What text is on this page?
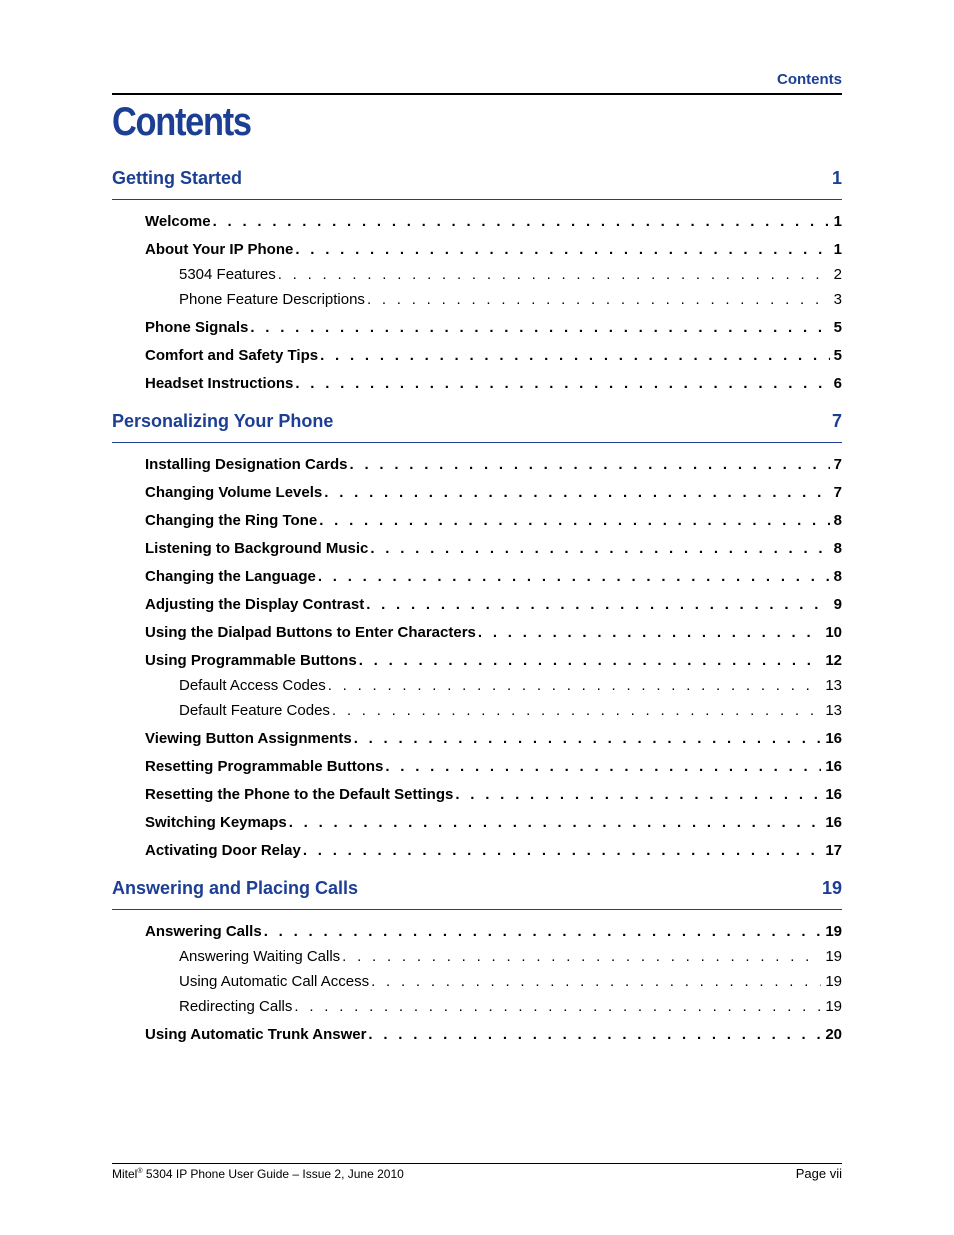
Contents
Contents
Getting Started	1
Welcome . . .	1
About Your IP Phone . . .	1
5304 Features . . .	2
Phone Feature Descriptions . . .	3
Phone Signals . . .	5
Comfort and Safety Tips . . .	5
Headset Instructions . . .	6
Personalizing Your Phone	7
Installing Designation Cards . . .	7
Changing Volume Levels . . .	7
Changing the Ring Tone . . .	8
Listening to Background Music . . .	8
Changing the Language . . .	8
Adjusting the Display Contrast . . .	9
Using the Dialpad Buttons to Enter Characters . . .	10
Using Programmable Buttons . . .	12
Default Access Codes . . .	13
Default Feature Codes . . .	13
Viewing Button Assignments . . .	16
Resetting Programmable Buttons . . .	16
Resetting the Phone to the Default Settings . . .	16
Switching Keymaps . . .	16
Activating Door Relay . . .	17
Answering and Placing Calls	19
Answering Calls . . .	19
Answering Waiting Calls . . .	19
Using Automatic Call Access . . .	19
Redirecting Calls . . .	19
Using Automatic Trunk Answer . . .	20
Mitel® 5304 IP Phone User Guide – Issue 2, June 2010	Page vii
